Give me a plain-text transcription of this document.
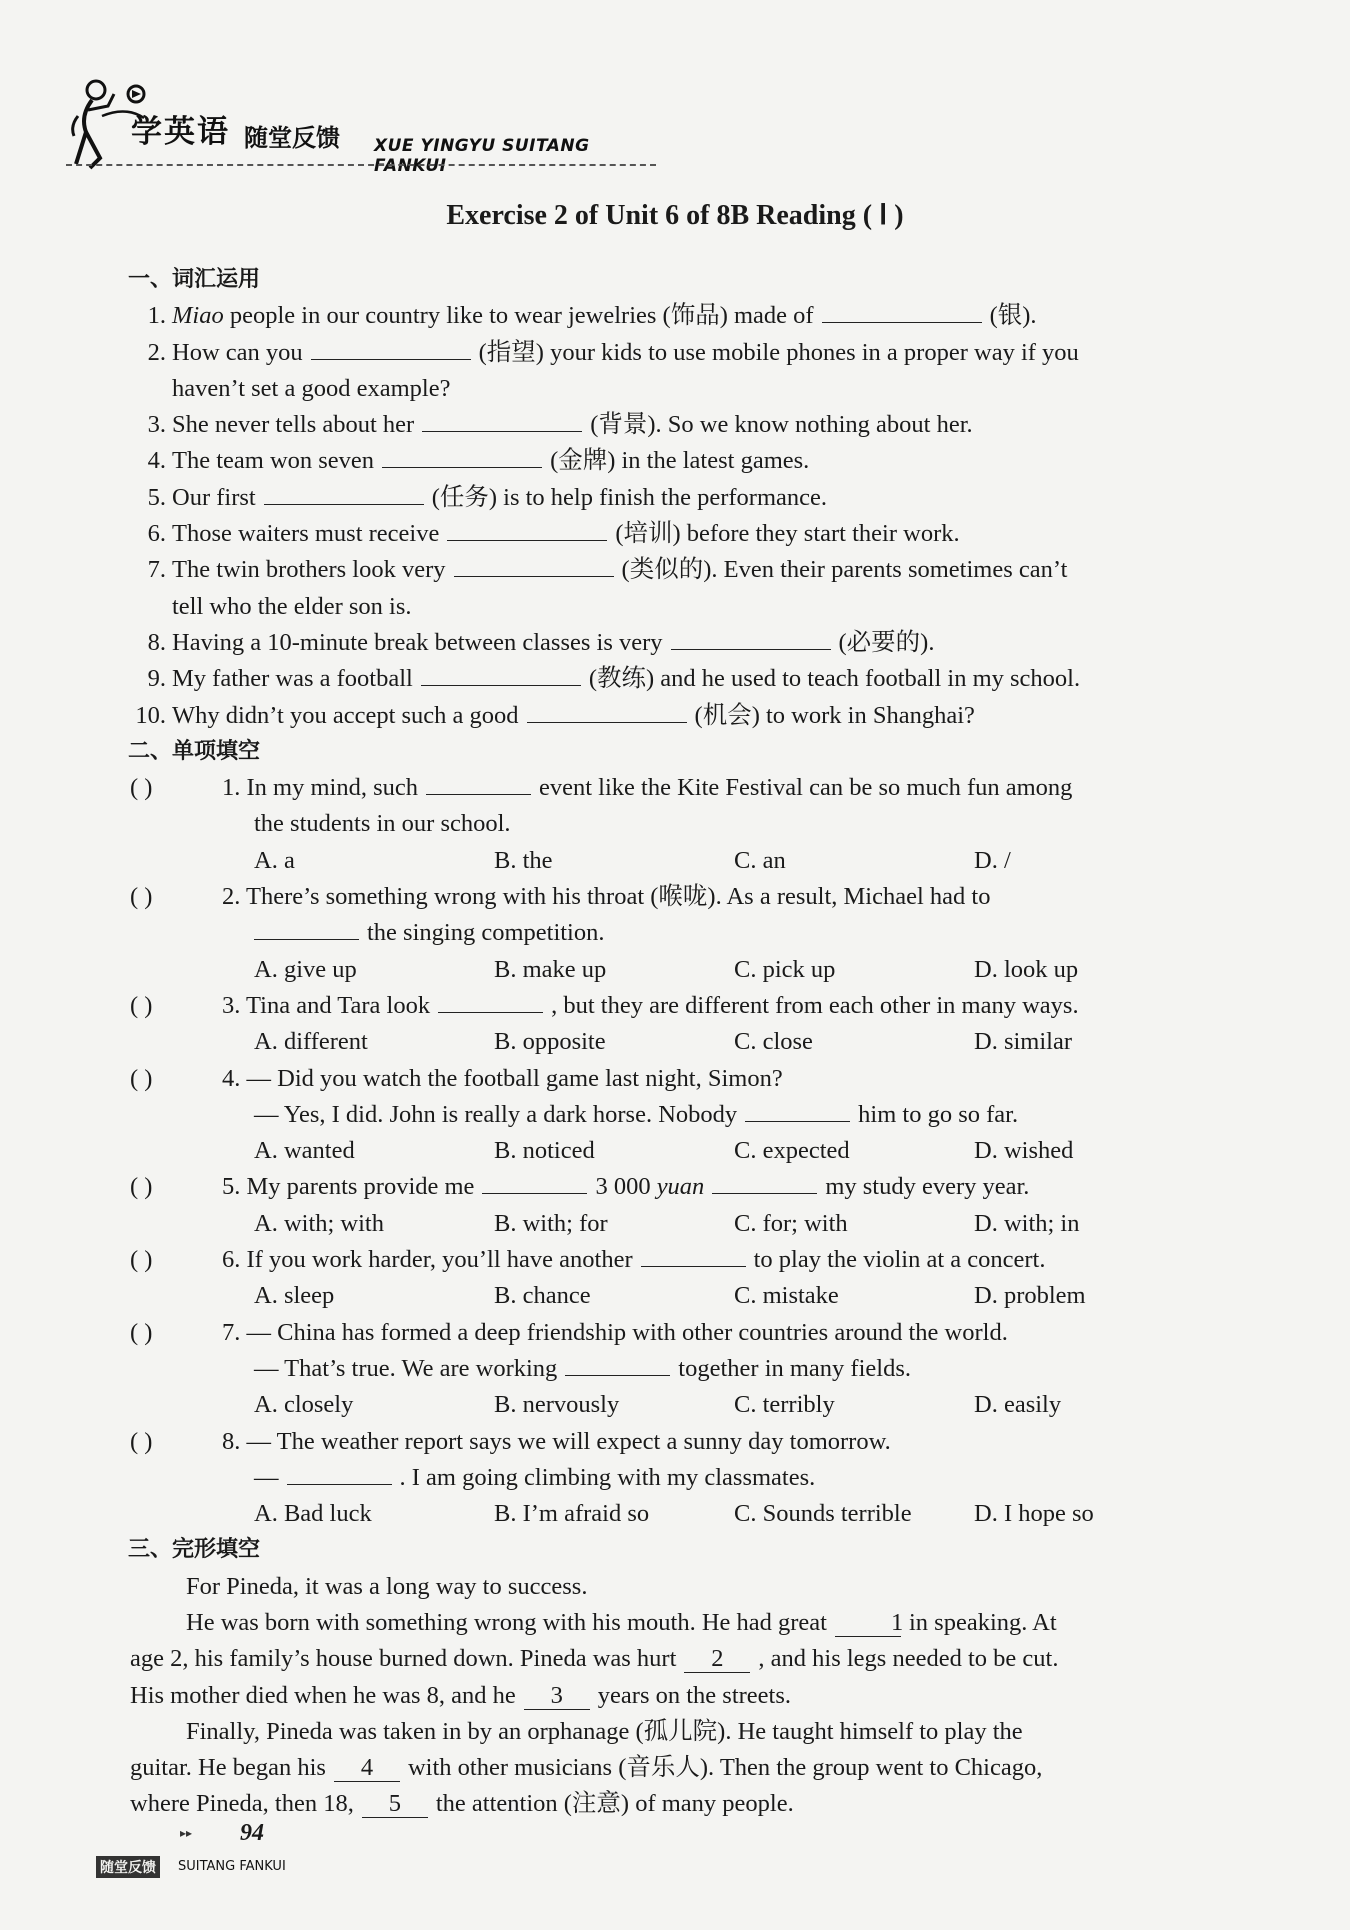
学英语 随堂反馈 XUE YINGYU SUITANG FANKUI
Exercise 2 of Unit 6 of 8B Reading ( Ⅰ )
一、词汇运用
1. Miao people in our country like to wear jewelries (饰品) made of	(银).
2. How can you	(指望) your kids to use mobile phones in a proper way if you
haven’t set a good example?
3. She never tells about her	(背景). So we know nothing about her.
4. The team won seven	(金牌) in the latest games.
5. Our first	(任务) is to help finish the performance.
6. Those waiters must receive	(培训) before they start their work.
7. The twin brothers look very	(类似的). Even their parents sometimes can’t
tell who the elder son is.
8. Having a 10-minute break between classes is very	(必要的).
9. My father was a football	(教练) and he used to teach football in my school.
10. Why didn’t you accept such a good	(机会) to work in Shanghai?
二、单项填空
( )	1. In my mind, such	event like the Kite Festival can be so much fun among
the students in our school.
A. a	B. the	C. an	D. /
( )	2. There’s something wrong with his throat (喉咙). As a result, Michael had to
the singing competition.
A. give up	B. make up	C. pick up	D. look up
( )	3. Tina and Tara look	, but they are different from each other in many ways.
A. different	B. opposite	C. close	D. similar
( )	4. — Did you watch the football game last night, Simon?
— Yes, I did. John is really a dark horse. Nobody	him to go so far.
A. wanted	B. noticed	C. expected	D. wished
( )	5. My parents provide me	3 000 yuan	my study every year.
A. with; with	B. with; for	C. for; with	D. with; in
( )	6. If you work harder, you’ll have another	to play the violin at a concert.
A. sleep	B. chance	C. mistake	D. problem
( )	7. — China has formed a deep friendship with other countries around the world.
— That’s true. We are working	together in many fields.
A. closely	B. nervously	C. terribly	D. easily
( )	8. — The weather report says we will expect a sunny day tomorrow.
—	. I am going climbing with my classmates.
A. Bad luck	B. I’m afraid so	C. Sounds terrible	D. I hope so
三、完形填空
For Pineda, it was a long way to success.
He was born with something wrong with his mouth. He had great	1 in speaking. At
age 2, his family’s house burned down. Pineda was hurt 2 , and his legs needed to be cut.
His mother died when he was 8, and he 3 years on the streets.
Finally, Pineda was taken in by an orphanage (孤儿院). He taught himself to play the
guitar. He began his 4 with other musicians (音乐人). Then the group went to Chicago,
where Pineda, then 18, 5 the attention (注意) of many people.
▸▸ 94
随堂反馈	SUITANG FANKUI
